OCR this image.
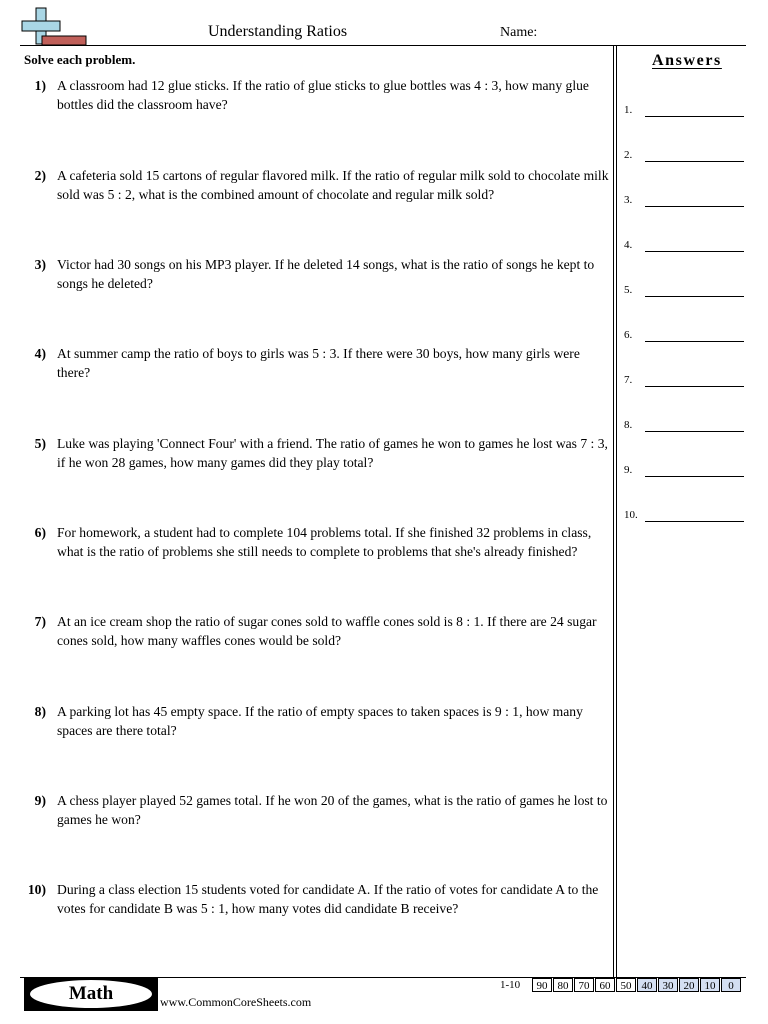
Understanding Ratios	Name:
Solve each problem.
1) A classroom had 12 glue sticks. If the ratio of glue sticks to glue bottles was 4 : 3, how many glue bottles did the classroom have?
2) A cafeteria sold 15 cartons of regular flavored milk. If the ratio of regular milk sold to chocolate milk sold was 5 : 2, what is the combined amount of chocolate and regular milk sold?
3) Victor had 30 songs on his MP3 player. If he deleted 14 songs, what is the ratio of songs he kept to songs he deleted?
4) At summer camp the ratio of boys to girls was 5 : 3. If there were 30 boys, how many girls were there?
5) Luke was playing 'Connect Four' with a friend. The ratio of games he won to games he lost was 7 : 3, if he won 28 games, how many games did they play total?
6) For homework, a student had to complete 104 problems total. If she finished 32 problems in class, what is the ratio of problems she still needs to complete to problems that she's already finished?
7) At an ice cream shop the ratio of sugar cones sold to waffle cones sold is 8 : 1. If there are 24 sugar cones sold, how many waffles cones would be sold?
8) A parking lot has 45 empty space. If the ratio of empty spaces to taken spaces is 9 : 1, how many spaces are there total?
9) A chess player played 52 games total. If he won 20 of the games, what is the ratio of games he lost to games he won?
10) During a class election 15 students voted for candidate A. If the ratio of votes for candidate A to the votes for candidate B was 5 : 1, how many votes did candidate B receive?
Answers
1.
2.
3.
4.
5.
6.
7.
8.
9.
10.
Math	www.CommonCoreSheets.com
1-10	90 80 70 60 50 40 30 20 10	0
